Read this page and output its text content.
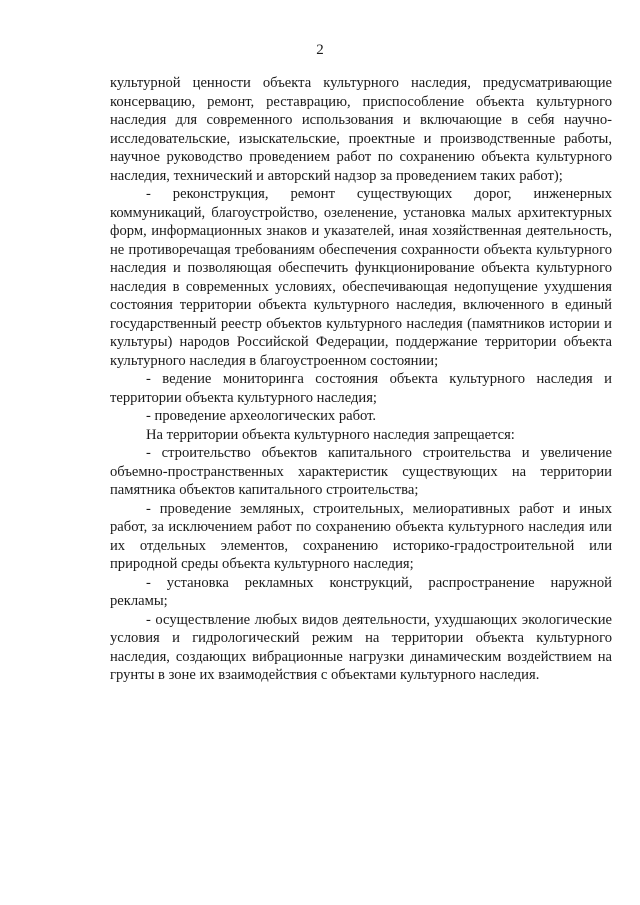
2

культурной ценности объекта культурного наследия, предусматривающие консервацию, ремонт, реставрацию, приспособление объекта культурного наследия для современного использования и включающие в себя научно-исследовательские, изыскательские, проектные и производственные работы, научное руководство проведением работ по сохранению объекта культурного наследия, технический и авторский надзор за проведением таких работ);

- реконструкция, ремонт существующих дорог, инженерных коммуникаций, благоустройство, озеленение, установка малых архитектурных форм, информационных знаков и указателей, иная хозяйственная деятельность, не противоречащая требованиям обеспечения сохранности объекта культурного наследия и позволяющая обеспечить функционирование объекта культурного наследия в современных условиях, обеспечивающая недопущение ухудшения состояния территории объекта культурного наследия, включенного в единый государственный реестр объектов культурного наследия (памятников истории и культуры) народов Российской Федерации, поддержание территории объекта культурного наследия в благоустроенном состоянии;

- ведение мониторинга состояния объекта культурного наследия и территории объекта культурного наследия;

- проведение археологических работ.

На территории объекта культурного наследия запрещается:

- строительство объектов капитального строительства и увеличение объемно-пространственных характеристик существующих на территории памятника объектов капитального строительства;

- проведение земляных, строительных, мелиоративных работ и иных работ, за исключением работ по сохранению объекта культурного наследия или их отдельных элементов, сохранению историко-градостроительной или природной среды объекта культурного наследия;

- установка рекламных конструкций, распространение наружной рекламы;

- осуществление любых видов деятельности, ухудшающих экологические условия и гидрологический режим на территории объекта культурного наследия, создающих вибрационные нагрузки динамическим воздействием на грунты в зоне их взаимодействия с объектами культурного наследия.
